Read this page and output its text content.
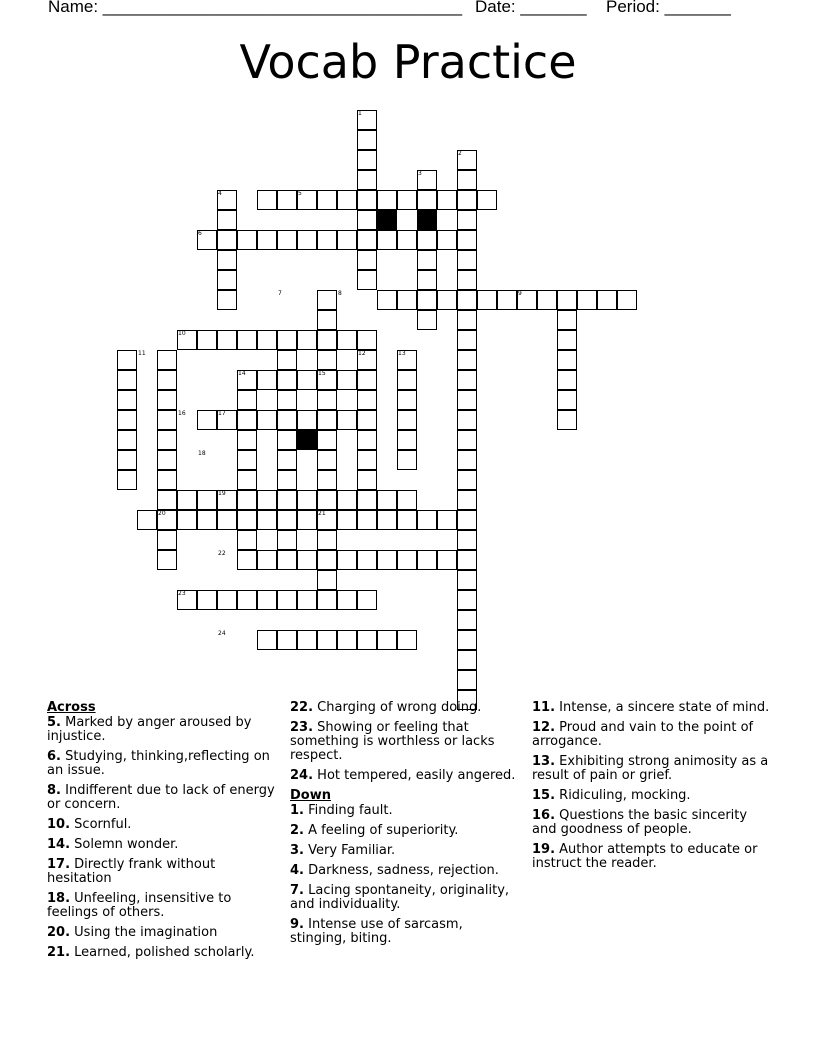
Name: ______________________________________ Date: _______ Period: _______
Vocab Practice
1
2
3
4	5
6
7	8	9
10
11	12	13
14	15
16	17
18
19
20	21
22
23
24
Across
5. Marked by anger aroused by injustice.
6. Studying, thinking,reflecting on an issue.
8. Indifferent due to lack of energy or concern.
10. Scornful.
14. Solemn wonder.
17. Directly frank without hesitation
18. Unfeeling, insensitive to feelings of others.
20. Using the imagination
21. Learned, polished scholarly.
22. Charging of wrong doing.
23. Showing or feeling that something is worthless or lacks respect.
24. Hot tempered, easily angered.
Down
1. Finding fault.
2. A feeling of superiority.
3. Very Familiar.
4. Darkness, sadness, rejection.
7. Lacing spontaneity, originality, and individuality.
9. Intense use of sarcasm, stinging, biting.
11. Intense, a sincere state of mind.
12. Proud and vain to the point of arrogance.
13. Exhibiting strong animosity as a result of pain or grief.
15. Ridiculing, mocking.
16. Questions the basic sincerity and goodness of people.
19. Author attempts to educate or instruct the reader.
